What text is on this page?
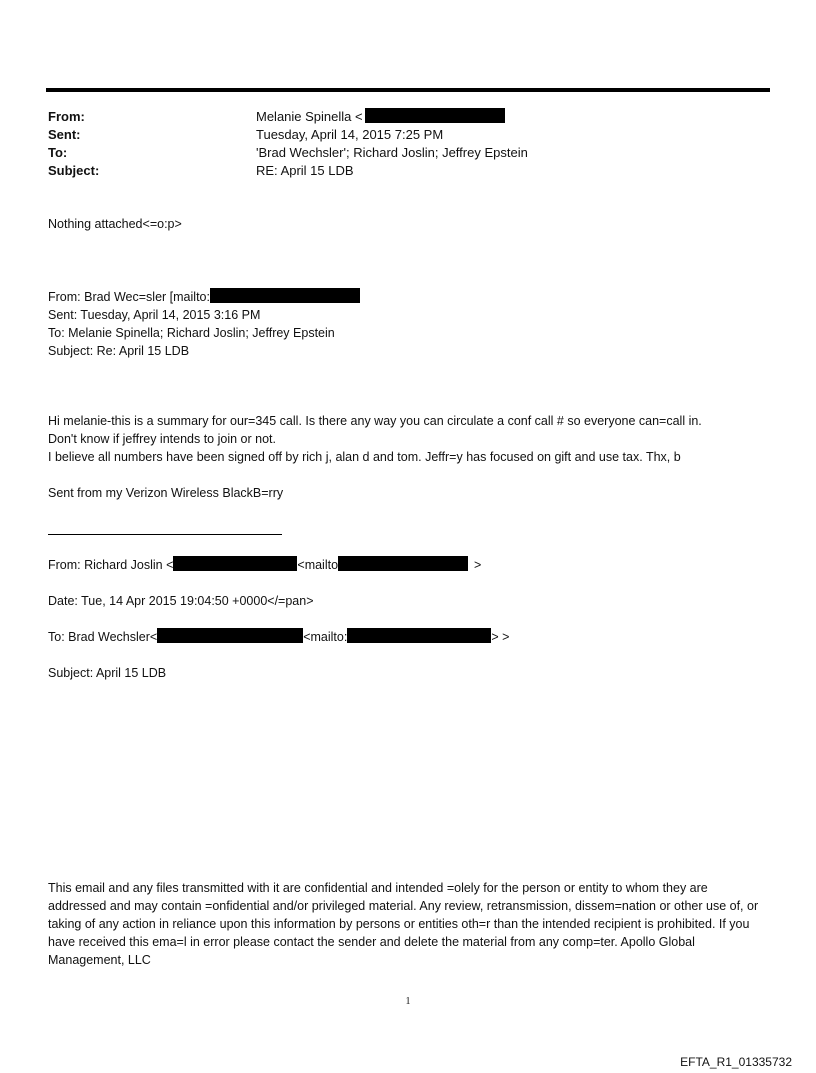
From:	Melanie Spinella <
Sent:	Tuesday, April 14, 2015 7:25 PM
To:	'Brad Wechsler'; Richard Joslin; Jeffrey Epstein
Subject:	RE: April 15 LDB
Nothing attached<=o:p>
From: Brad Wec=sler [mailto:
Sent: Tuesday, April 14, 2015 3:16 PM
To: Melanie Spinella; Richard Joslin; Jeffrey Epstein
Subject: Re: April 15 LDB
Hi melanie-this is a summary for our=345 call. Is there any way you can circulate a conf call # so everyone can=call in.
Don't know if jeffrey intends to join or not.
I believe all numbers have been signed off by rich j, alan d and tom. Jeffr=y has focused on gift and use tax. Thx, b
Sent from my Verizon Wireless BlackB=rry
From: Richard Joslin <	<mailto	>
Date: Tue, 14 Apr 2015 19:04:50 +0000</=pan>
To: Brad Wechsler<	<mailto:	> >
Subject: April 15 LDB
This email and any files transmitted with it are confidential and intended =olely for the person or entity to whom they are addressed and may contain =onfidential and/or privileged material. Any review, retransmission, dissem=nation or other use of, or taking of any action in reliance upon this information by persons or entities oth=r than the intended recipient is prohibited. If you have received this ema=l in error please contact the sender and delete the material from any comp=ter. Apollo Global Management, LLC
1
EFTA_R1_01335732
